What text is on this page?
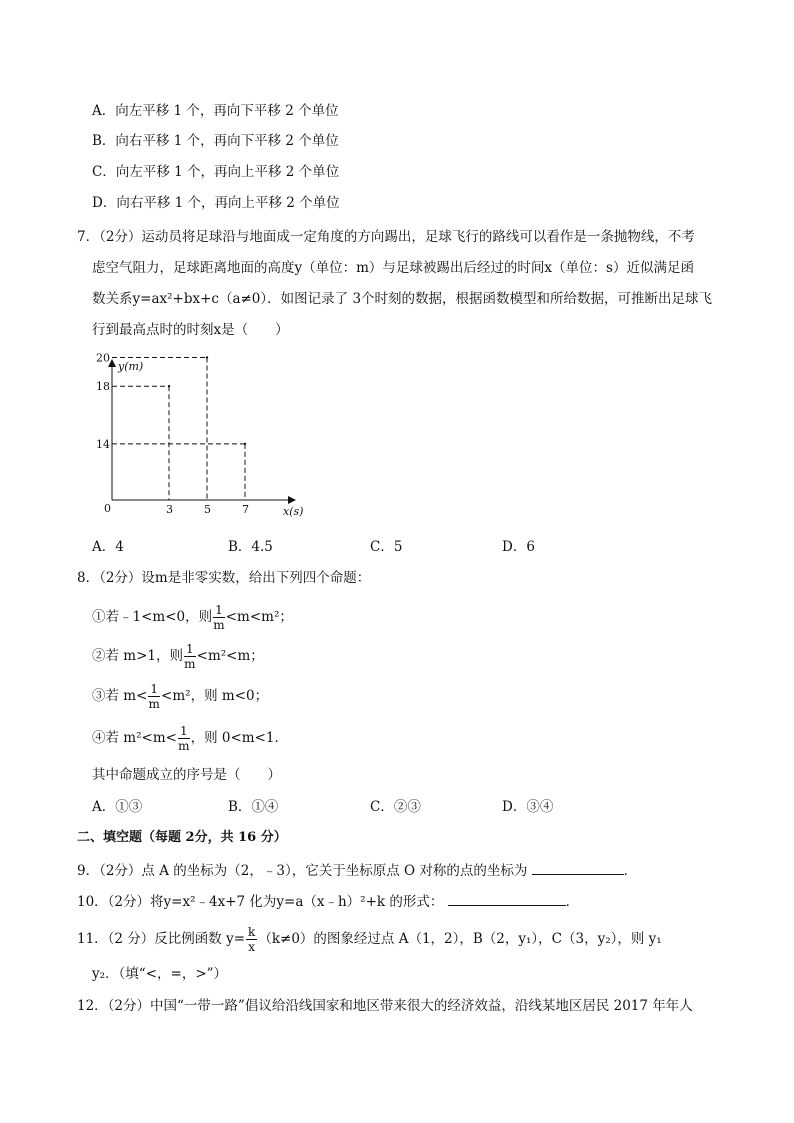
A．向左平移 1 个，再向下平移 2 个单位
B．向右平移 1 个，再向下平移 2 个单位
C．向左平移 1 个，再向上平移 2 个单位
D．向右平移 1 个，再向上平移 2 个单位
7．（2分）运动员将足球沿与地面成一定角度的方向踢出，足球飞行的路线可以看作是一条抛物线，不考
虑空气阻力，足球距离地面的高度y（单位：m）与足球被踢出后经过的时间x（单位：s）近似满足函
数关系y=ax²+bx+c（a≠0）．如图记录了 3个时刻的数据，根据函数模型和所给数据，可推断出足球飞
行到最高点时的时刻x是（　　）
y(m)
x(s)
0	3	5	7
20
18
14
A．4	B．4.5	C．5	D．6
8．（2分）设m是非零实数，给出下列四个命题：
①若﹣1<m<0，则 $\frac{1}{m} <m<m^2$；
②若 m>1，则 $\frac{1}{m} <m^2<m$；
③若 $m< \frac{1}{m} <m^2$，则 m<0；
④若 $m^2<m< \frac{1}{m}$ ，则 0<m<1．
其中命题成立的序号是（　　）
A．①③	B．①④	C．②③	D．③④
二、填空题（每题 2分，共 16 分）
9．（2分）点 A 的坐标为（2，﹣3），它关于坐标原点 O 对称的点的坐标为	．
10．（2分）将y=x²﹣4x+7 化为y=a（x﹣h）²+k 的形式：	．
11．（2 分）反比例函数 $y= \frac{k}{x} (k\ne 0)$的图象经过点 A（1，2），B（2，y₁），C（3，y₂），则 y₁
y₂．（填“<，=，>”）
12．（2分）中国“一带一路”倡议给沿线国家和地区带来很大的经济效益，沿线某地区居民 2017 年年人
